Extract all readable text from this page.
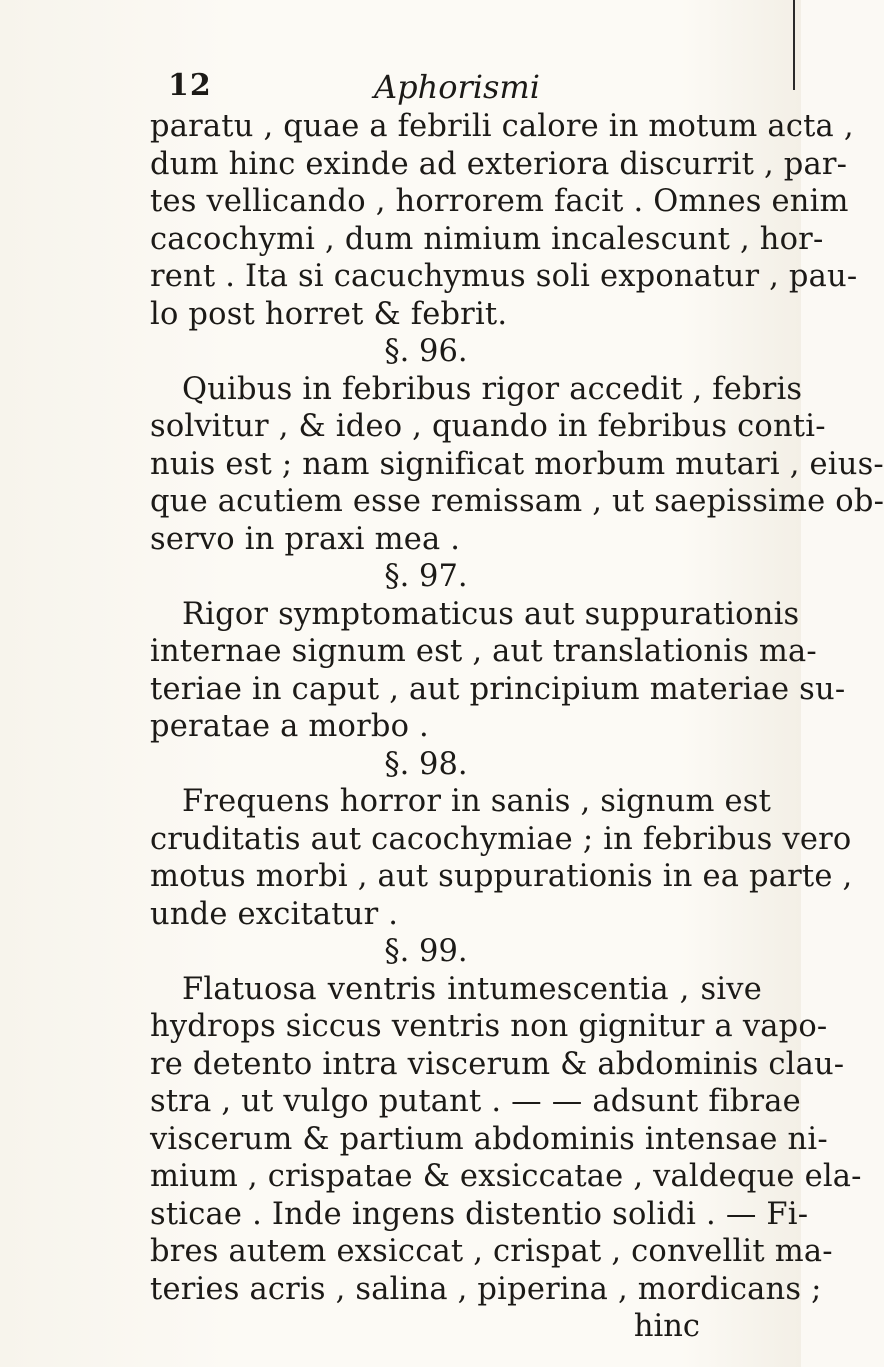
12	Aphorismi
paratu , quae a febrili calore in motum acta ,
dum hinc exinde ad exteriora discurrit , par-
tes vellicando , horrorem facit . Omnes enim
cacochymi , dum nimium incalescunt , hor-
rent . Ita si cacuchymus soli exponatur , pau-
lo post horret & febrit.
§. 96.
Quibus in febribus rigor accedit , febris
solvitur , & ideo , quando in febribus conti-
nuis est ; nam significat morbum mutari , eius-
que acutiem esse remissam , ut saepissime ob-
servo in praxi mea .
§. 97.
Rigor symptomaticus aut suppurationis
internae signum est , aut translationis ma-
teriae in caput , aut principium materiae su-
peratae a morbo .
§. 98.
Frequens horror in sanis , signum est
cruditatis aut cacochymiae ; in febribus vero
motus morbi , aut suppurationis in ea parte ,
unde excitatur .
§. 99.
Flatuosa ventris intumescentia , sive
hydrops siccus ventris non gignitur a vapo-
re detento intra viscerum & abdominis clau-
stra , ut vulgo putant . — — adsunt fibrae
viscerum & partium abdominis intensae ni-
mium , crispatae & exsiccatae , valdeque ela-
sticae . Inde ingens distentio solidi . — Fi-
bres autem exsiccat , crispat , convellit ma-
teries acris , salina , piperina , mordicans ;
hinc
